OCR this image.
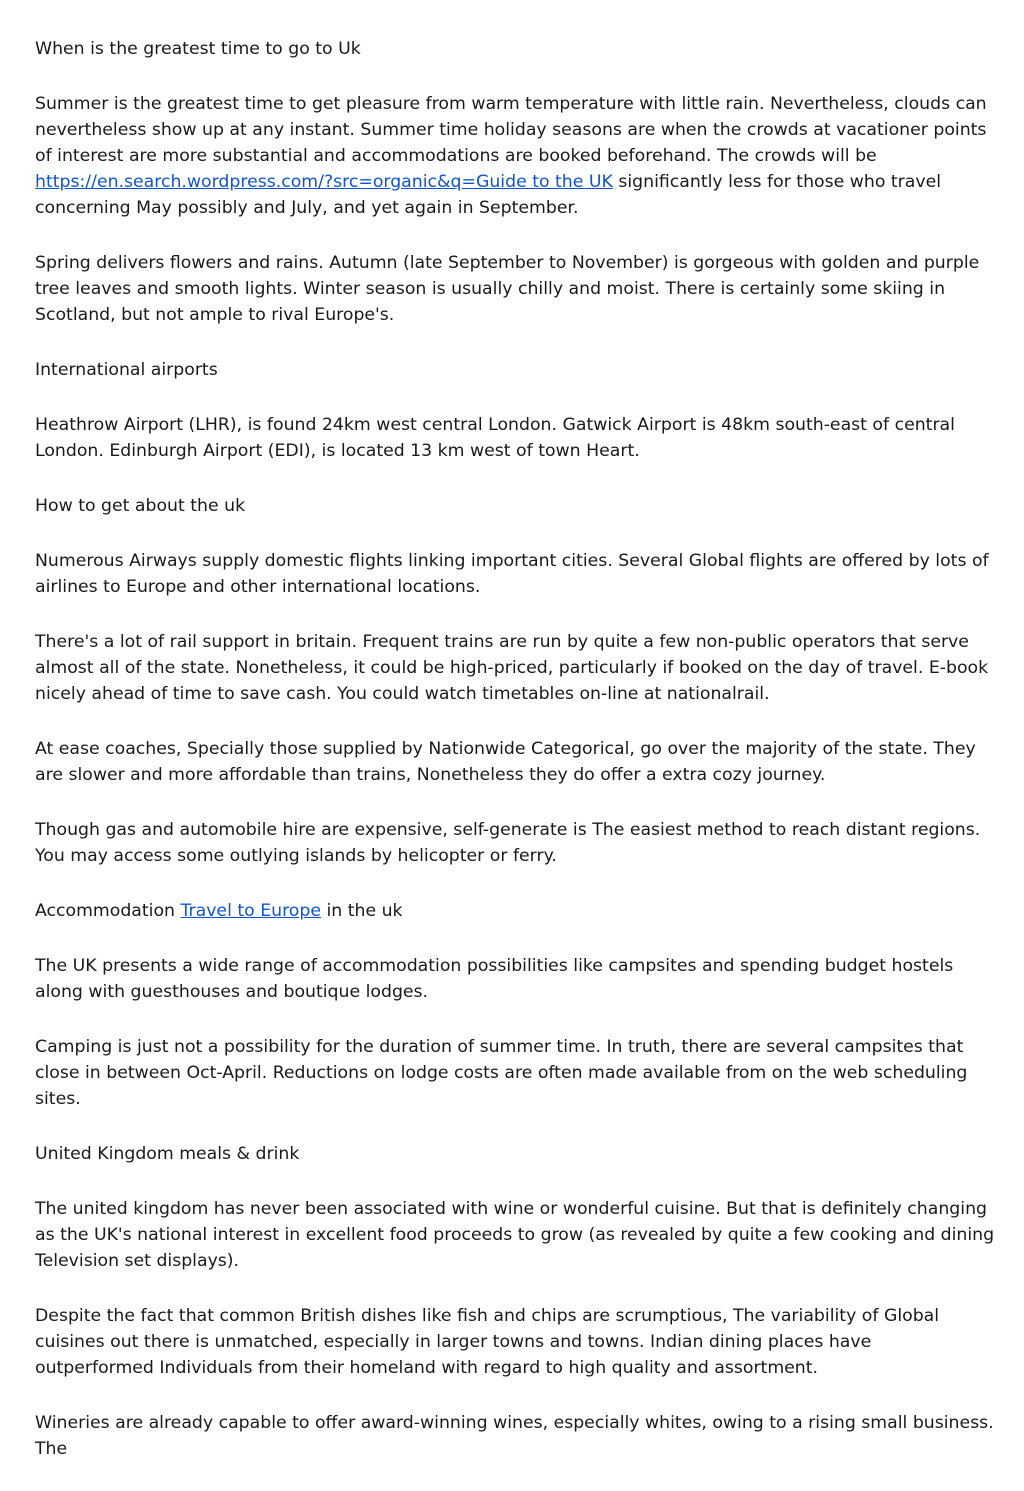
When is the greatest time to go to Uk

Summer is the greatest time to get pleasure from warm temperature with little rain. Nevertheless, clouds can nevertheless show up at any instant. Summer time holiday seasons are when the crowds at vacationer points of interest are more substantial and accommodations are booked beforehand. The crowds will be https://en.search.wordpress.com/?src=organic&q=Guide to the UK significantly less for those who travel concerning May possibly and July, and yet again in September.

Spring delivers flowers and rains. Autumn (late September to November) is gorgeous with golden and purple tree leaves and smooth lights. Winter season is usually chilly and moist. There is certainly some skiing in Scotland, but not ample to rival Europe's.

International airports

Heathrow Airport (LHR), is found 24km west central London. Gatwick Airport is 48km south-east of central London. Edinburgh Airport (EDI), is located 13 km west of town Heart.

How to get about the uk

Numerous Airways supply domestic flights linking important cities. Several Global flights are offered by lots of airlines to Europe and other international locations.

There's a lot of rail support in britain. Frequent trains are run by quite a few non-public operators that serve almost all of the state. Nonetheless, it could be high-priced, particularly if booked on the day of travel. E-book nicely ahead of time to save cash. You could watch timetables on-line at nationalrail.

At ease coaches, Specially those supplied by Nationwide Categorical, go over the majority of the state. They are slower and more affordable than trains, Nonetheless they do offer a extra cozy journey.

Though gas and automobile hire are expensive, self-generate is The easiest method to reach distant regions. You may access some outlying islands by helicopter or ferry.

Accommodation Travel to Europe in the uk

The UK presents a wide range of accommodation possibilities like campsites and spending budget hostels along with guesthouses and boutique lodges.

Camping is just not a possibility for the duration of summer time. In truth, there are several campsites that close in between Oct-April. Reductions on lodge costs are often made available from on the web scheduling sites.

United Kingdom meals & drink

The united kingdom has never been associated with wine or wonderful cuisine. But that is definitely changing as the UK's national interest in excellent food proceeds to grow (as revealed by quite a few cooking and dining Television set displays).

Despite the fact that common British dishes like fish and chips are scrumptious, The variability of Global cuisines out there is unmatched, especially in larger towns and towns. Indian dining places have outperformed Individuals from their homeland with regard to high quality and assortment.

Wineries are already capable to offer award-winning wines, especially whites, owing to a rising small business. The
